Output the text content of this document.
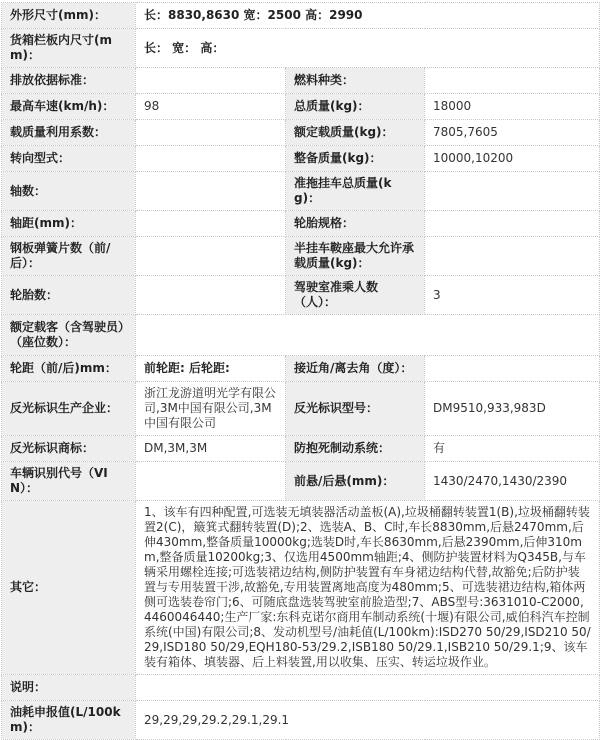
外形尺寸(mm)：	长：8830,8630 宽：2500 高：2990		
货箱栏板内尺寸(mm)：	长： 宽： 高：		
排放依据标准：		燃料种类：	
最高车速(km/h)：	98	总质量(kg)：	18000
载质量利用系数：		额定载质量(kg)：	7805,7605
转向型式：		整备质量(kg)：	10000,10200
轴数：		准拖挂车总质量(kg)：	
轴距(mm)：		轮胎规格：	
钢板弹簧片数（前/后）：		半挂车鞍座最大允许承载质量(kg)：	
轮胎数：		驾驶室准乘人数（人）：	3
额定载客（含驾驶员）（座位数）：			
轮距（前/后)mm：	前轮距: 后轮距:	接近角/离去角（度）：	
反光标识生产企业：	浙江龙游道明光学有限公司,3M中国有限公司,3M中国有限公司	反光标识型号：	DM9510,933,983D
反光标识商标：	DM,3M,3M	防抱死制动系统：	有
车辆识别代号（VIN）：		前悬/后悬(mm)：	1430/2470,1430/2390
其它：	1、该车有四种配置,可选装无填装器活动盖板(A),垃圾桶翻转装置1(B),垃圾桶翻转装置2(C)，簸箕式翻转装置(D);2、选装A、B、C时,车长8830mm,后悬2470mm,后伸430mm,整备质量10000kg;选装D时,车长8630mm,后悬2390mm,后伸310mm,整备质量10200kg;3、仅选用4500mm轴距;4、侧防护装置材料为Q345B,与车辆采用螺栓连接;可选装裙边结构,侧防护装置有车身裙边结构代替,故豁免;后防护装置与专用装置干涉,故豁免,专用装置离地高度为480mm;5、可选装裙边结构,箱体两侧可选装卷帘门;6、可随底盘选装驾驶室前脸造型;7、ABS型号:3631010-C2000,4460046440;生产厂家:东科克诺尔商用车制动系统(十堰)有限公司,威伯科汽车控制系统(中国)有限公司;8、发动机型号/油耗值(L/100km):ISD270 50/29,ISD210 50/29,ISD180 50/29,EQH180-53/29.2,ISB180 50/29.1,ISB210 50/29.1;9、该车装有箱体、填装器、后上料装置,用以收集、压实、转运垃圾作业。		
说明：			
油耗申报值(L/100km)：	29,29,29,29.2,29.1,29.1		
